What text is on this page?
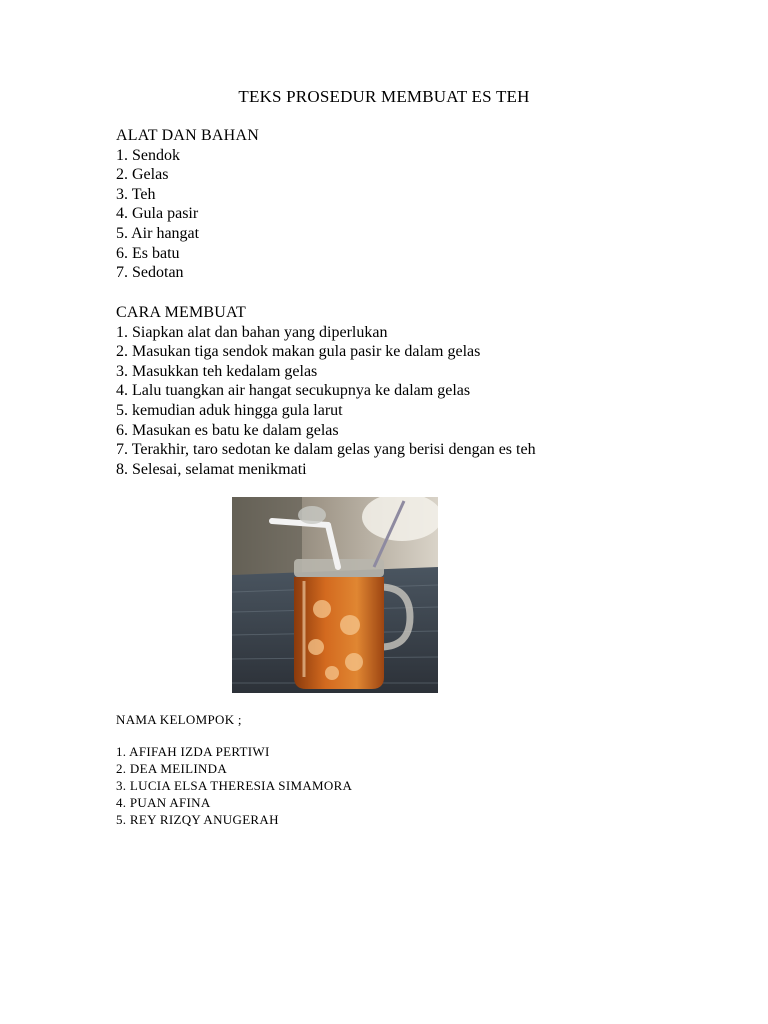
TEKS PROSEDUR MEMBUAT ES TEH
ALAT DAN BAHAN
1. Sendok
2. Gelas
3. Teh
4. Gula pasir
5. Air hangat
6. Es batu
7. Sedotan
CARA MEMBUAT
1. Siapkan alat dan bahan yang diperlukan
2. Masukan tiga sendok makan gula pasir ke dalam gelas
3. Masukkan teh kedalam gelas
4. Lalu tuangkan air hangat secukupnya ke dalam gelas
5. kemudian aduk hingga gula larut
6. Masukan es batu ke dalam gelas
7. Terakhir, taro sedotan ke dalam gelas yang berisi dengan es teh
8. Selesai, selamat menikmati
NAMA KELOMPOK ;
1. AFIFAH IZDA PERTIWI
2. DEA MEILINDA
3. LUCIA ELSA THERESIA SIMAMORA
4. PUAN AFINA
5. REY RIZQY ANUGERAH
